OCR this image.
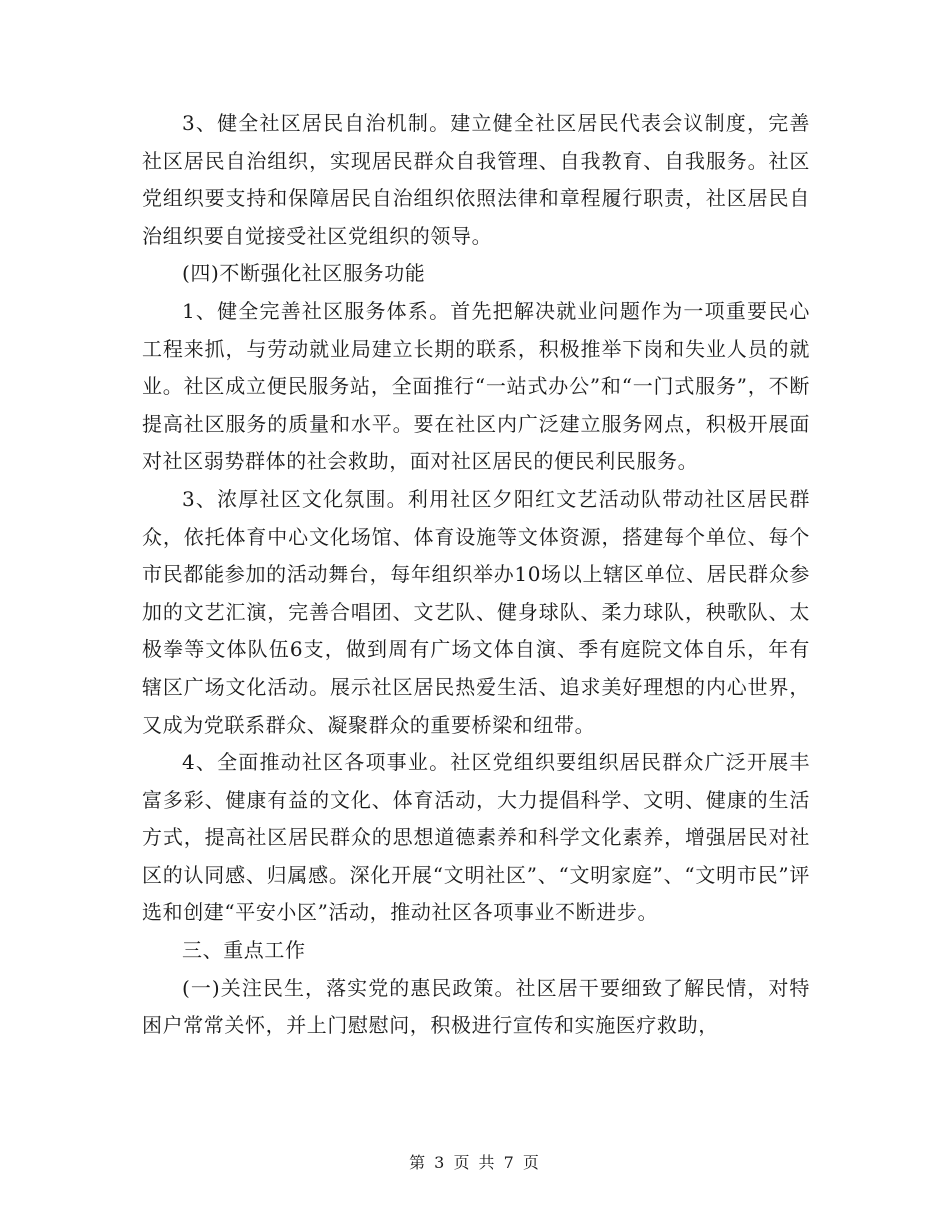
3、健全社区居民自治机制。建立健全社区居民代表会议制度，完善社区居民自治组织，实现居民群众自我管理、自我教育、自我服务。社区党组织要支持和保障居民自治组织依照法律和章程履行职责，社区居民自治组织要自觉接受社区党组织的领导。

(四)不断强化社区服务功能

1、健全完善社区服务体系。首先把解决就业问题作为一项重要民心工程来抓，与劳动就业局建立长期的联系，积极推举下岗和失业人员的就业。社区成立便民服务站，全面推行“一站式办公”和“一门式服务”，不断提高社区服务的质量和水平。要在社区内广泛建立服务网点，积极开展面对社区弱势群体的社会救助，面对社区居民的便民利民服务。

3、浓厚社区文化氛围。利用社区夕阳红文艺活动队带动社区居民群众，依托体育中心文化场馆、体育设施等文体资源，搭建每个单位、每个市民都能参加的活动舞台，每年组织举办10场以上辖区单位、居民群众参加的文艺汇演，完善合唱团、文艺队、健身球队、柔力球队，秧歌队、太极拳等文体队伍6支，做到周有广场文体自演、季有庭院文体自乐，年有辖区广场文化活动。展示社区居民热爱生活、追求美好理想的内心世界，又成为党联系群众、凝聚群众的重要桥梁和纽带。

4、全面推动社区各项事业。社区党组织要组织居民群众广泛开展丰富多彩、健康有益的文化、体育活动，大力提倡科学、文明、健康的生活方式，提高社区居民群众的思想道德素养和科学文化素养，增强居民对社区的认同感、归属感。深化开展“文明社区”、“文明家庭”、“文明市民”评选和创建“平安小区”活动，推动社区各项事业不断进步。

三、重点工作

(一)关注民生，落实党的惠民政策。社区居干要细致了解民情，对特困户常常关怀，并上门慰慰问，积极进行宣传和实施医疗救助，

第 3 页 共 7 页
